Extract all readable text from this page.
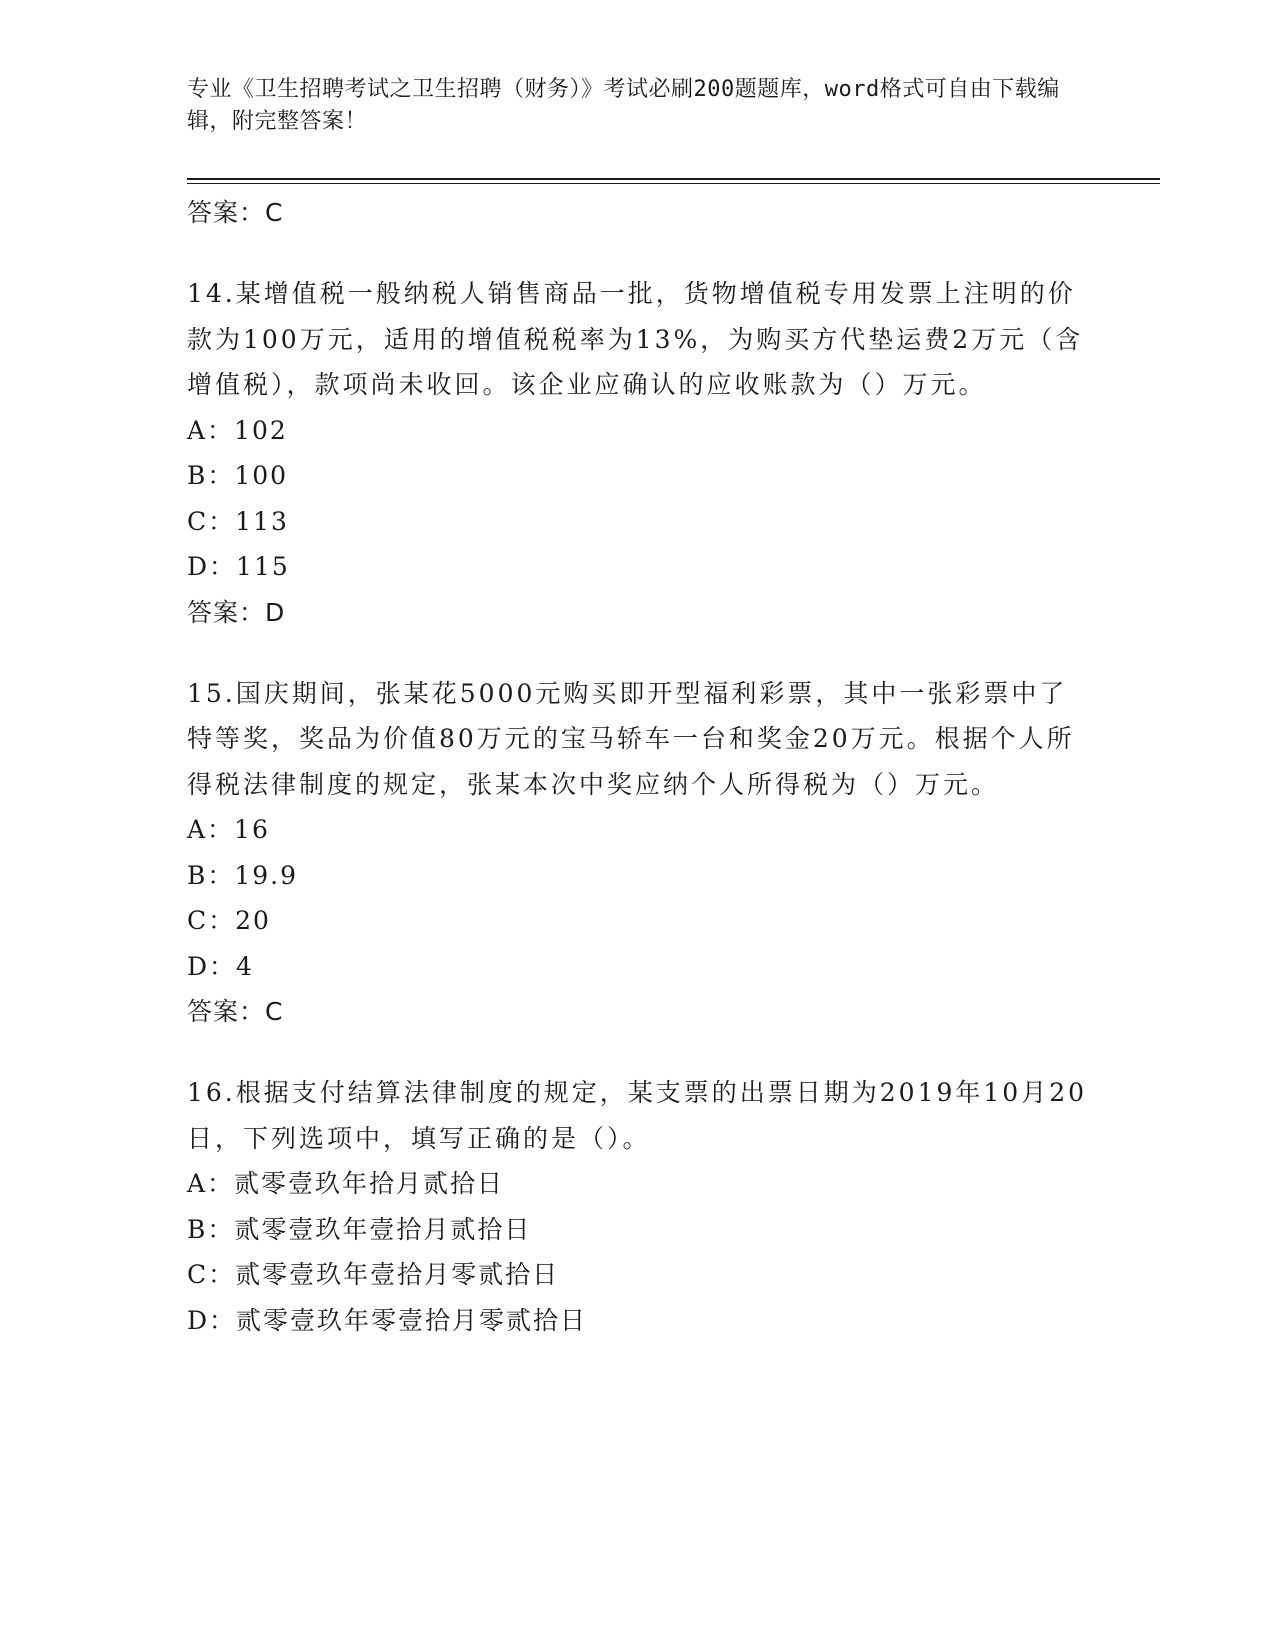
专业《卫生招聘考试之卫生招聘（财务）》考试必刷200题题库，word格式可自由下载编辑，附完整答案！
答案：C

14.某增值税一般纳税人销售商品一批，货物增值税专用发票上注明的价款为100万元，适用的增值税税率为13%，为购买方代垫运费2万元（含增值税），款项尚未收回。该企业应确认的应收账款为（）万元。

A：102
B：100
C：113
D：115
答案：D

15.国庆期间，张某花5000元购买即开型福利彩票，其中一张彩票中了特等奖，奖品为价值80万元的宝马轿车一台和奖金20万元。根据个人所得税法律制度的规定，张某本次中奖应纳个人所得税为（）万元。

A：16
B：19.9
C：20
D：4
答案：C

16.根据支付结算法律制度的规定，某支票的出票日期为2019年10月20日，下列选项中，填写正确的是（）。

A：贰零壹玖年拾月贰拾日
B：贰零壹玖年壹拾月贰拾日
C：贰零壹玖年壹拾月零贰拾日
D：贰零壹玖年零壹拾月零贰拾日
